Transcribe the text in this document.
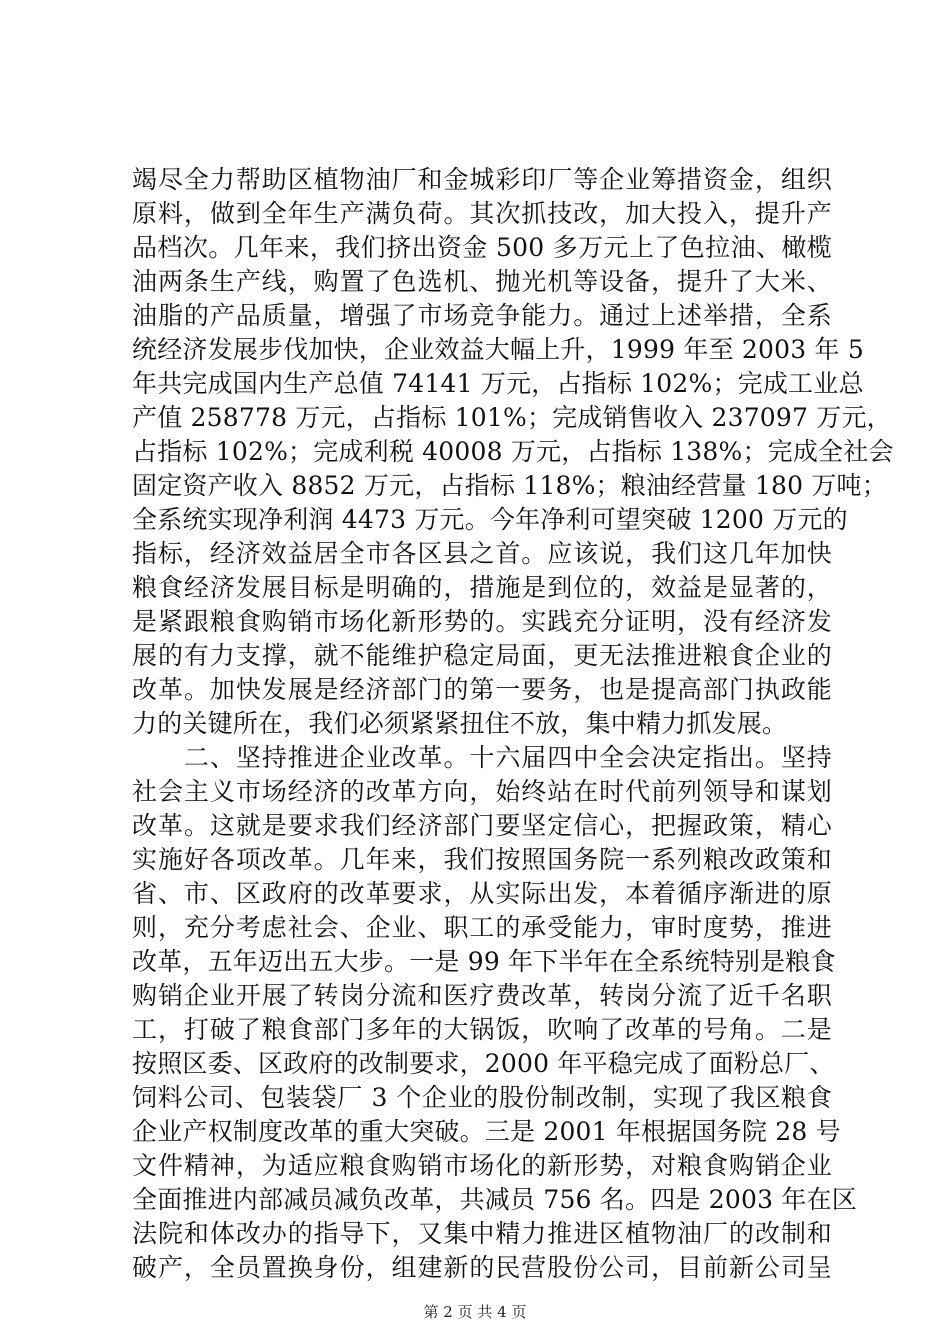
竭尽全力帮助区植物油厂和金城彩印厂等企业筹措资金，组织
原料，做到全年生产满负荷。其次抓技改，加大投入，提升产
品档次。几年来，我们挤出资金 500 多万元上了色拉油、橄榄
油两条生产线，购置了色选机、抛光机等设备，提升了大米、
油脂的产品质量，增强了市场竞争能力。通过上述举措，全系
统经济发展步伐加快，企业效益大幅上升，1999 年至 2003 年 5
年共完成国内生产总值 74141 万元，占指标 102%；完成工业总
产值 258778 万元，占指标 101%；完成销售收入 237097 万元，
占指标 102%；完成利税 40008 万元，占指标 138%；完成全社会
固定资产收入 8852 万元，占指标 118%；粮油经营量 180 万吨；
全系统实现净利润 4473 万元。今年净利可望突破 1200 万元的
指标，经济效益居全市各区县之首。应该说，我们这几年加快
粮食经济发展目标是明确的，措施是到位的，效益是显著的，
是紧跟粮食购销市场化新形势的。实践充分证明，没有经济发
展的有力支撑，就不能维护稳定局面，更无法推进粮食企业的
改革。加快发展是经济部门的第一要务，也是提高部门执政能
力的关键所在，我们必须紧紧扭住不放，集中精力抓发展。
　　二、坚持推进企业改革。十六届四中全会决定指出。坚持
社会主义市场经济的改革方向，始终站在时代前列领导和谋划
改革。这就是要求我们经济部门要坚定信心，把握政策，精心
实施好各项改革。几年来，我们按照国务院一系列粮改政策和
省、市、区政府的改革要求，从实际出发，本着循序渐进的原
则，充分考虑社会、企业、职工的承受能力，审时度势，推进
改革，五年迈出五大步。一是 99 年下半年在全系统特别是粮食
购销企业开展了转岗分流和医疗费改革，转岗分流了近千名职
工，打破了粮食部门多年的大锅饭，吹响了改革的号角。二是
按照区委、区政府的改制要求，2000 年平稳完成了面粉总厂、
饲料公司、包装袋厂 3 个企业的股份制改制，实现了我区粮食
企业产权制度改革的重大突破。三是 2001 年根据国务院 28 号
文件精神，为适应粮食购销市场化的新形势，对粮食购销企业
全面推进内部减员减负改革，共减员 756 名。四是 2003 年在区
法院和体改办的指导下，又集中精力推进区植物油厂的改制和
破产，全员置换身份，组建新的民营股份公司，目前新公司呈
第 2 页 共 4 页
